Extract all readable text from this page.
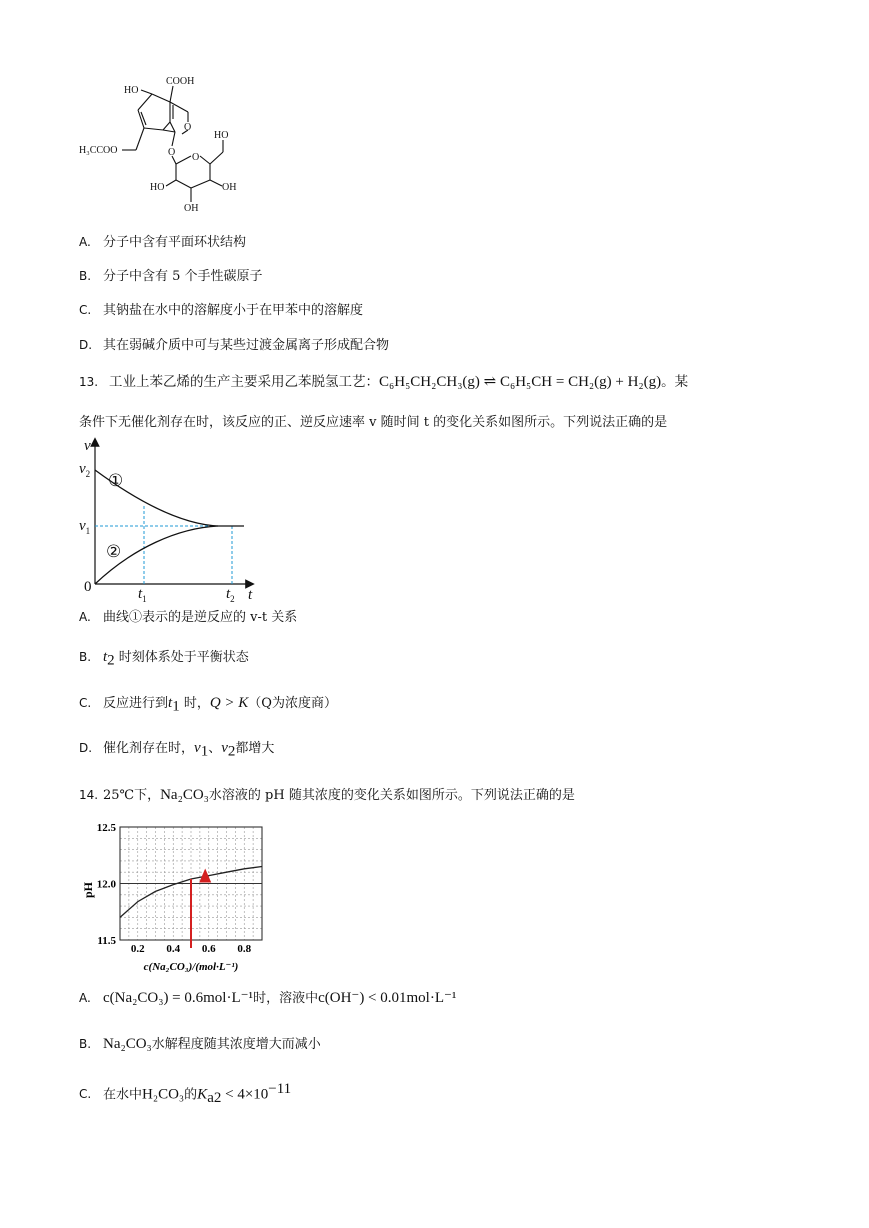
COOH
HO
O
H₃CCOO	O O
HO
HO	OH
OH
A. 分子中含有平面环状结构
B. 分子中含有 5 个手性碳原子
C. 其钠盐在水中的溶解度小于在甲苯中的溶解度
D. 其在弱碱介质中可与某些过渡金属离子形成配合物
13. 工业上苯乙烯的生产主要采用乙苯脱氢工艺：C₆H₅CH₂CH₃(g) ⇌ C₆H₅CH = CH₂(g) + H₂(g)。某
条件下无催化剂存在时，该反应的正、逆反应速率 v 随时间 t 的变化关系如图所示。下列说法正确的是
v
t
0
$v_2$
$v_1$
$t_1$	$t_2$
①
②
A. 曲线①表示的是逆反应的 v-t 关系
B. $t_2$ 时刻体系处于平衡状态
C. 反应进行到$t_1$ 时，Q > K（Q为浓度商）
D. 催化剂存在时，$v_1$、$v_2$都增大
14. 25℃下，Na₂CO₃水溶液的 pH 随其浓度的变化关系如图所示。下列说法正确的是
11.5
12.0
12.5
0.2 0.4 0.6 0.8
pH
c(Na₂CO₃)/(mol·L⁻¹)
A. c(Na₂CO₃) = 0.6mol·L⁻¹时，溶液中c(OH⁻) < 0.01mol·L⁻¹
B. Na₂CO₃水解程度随其浓度增大而减小
C. 在水中H₂CO₃的$K_{a2} < 4\times 10^{-11}$
